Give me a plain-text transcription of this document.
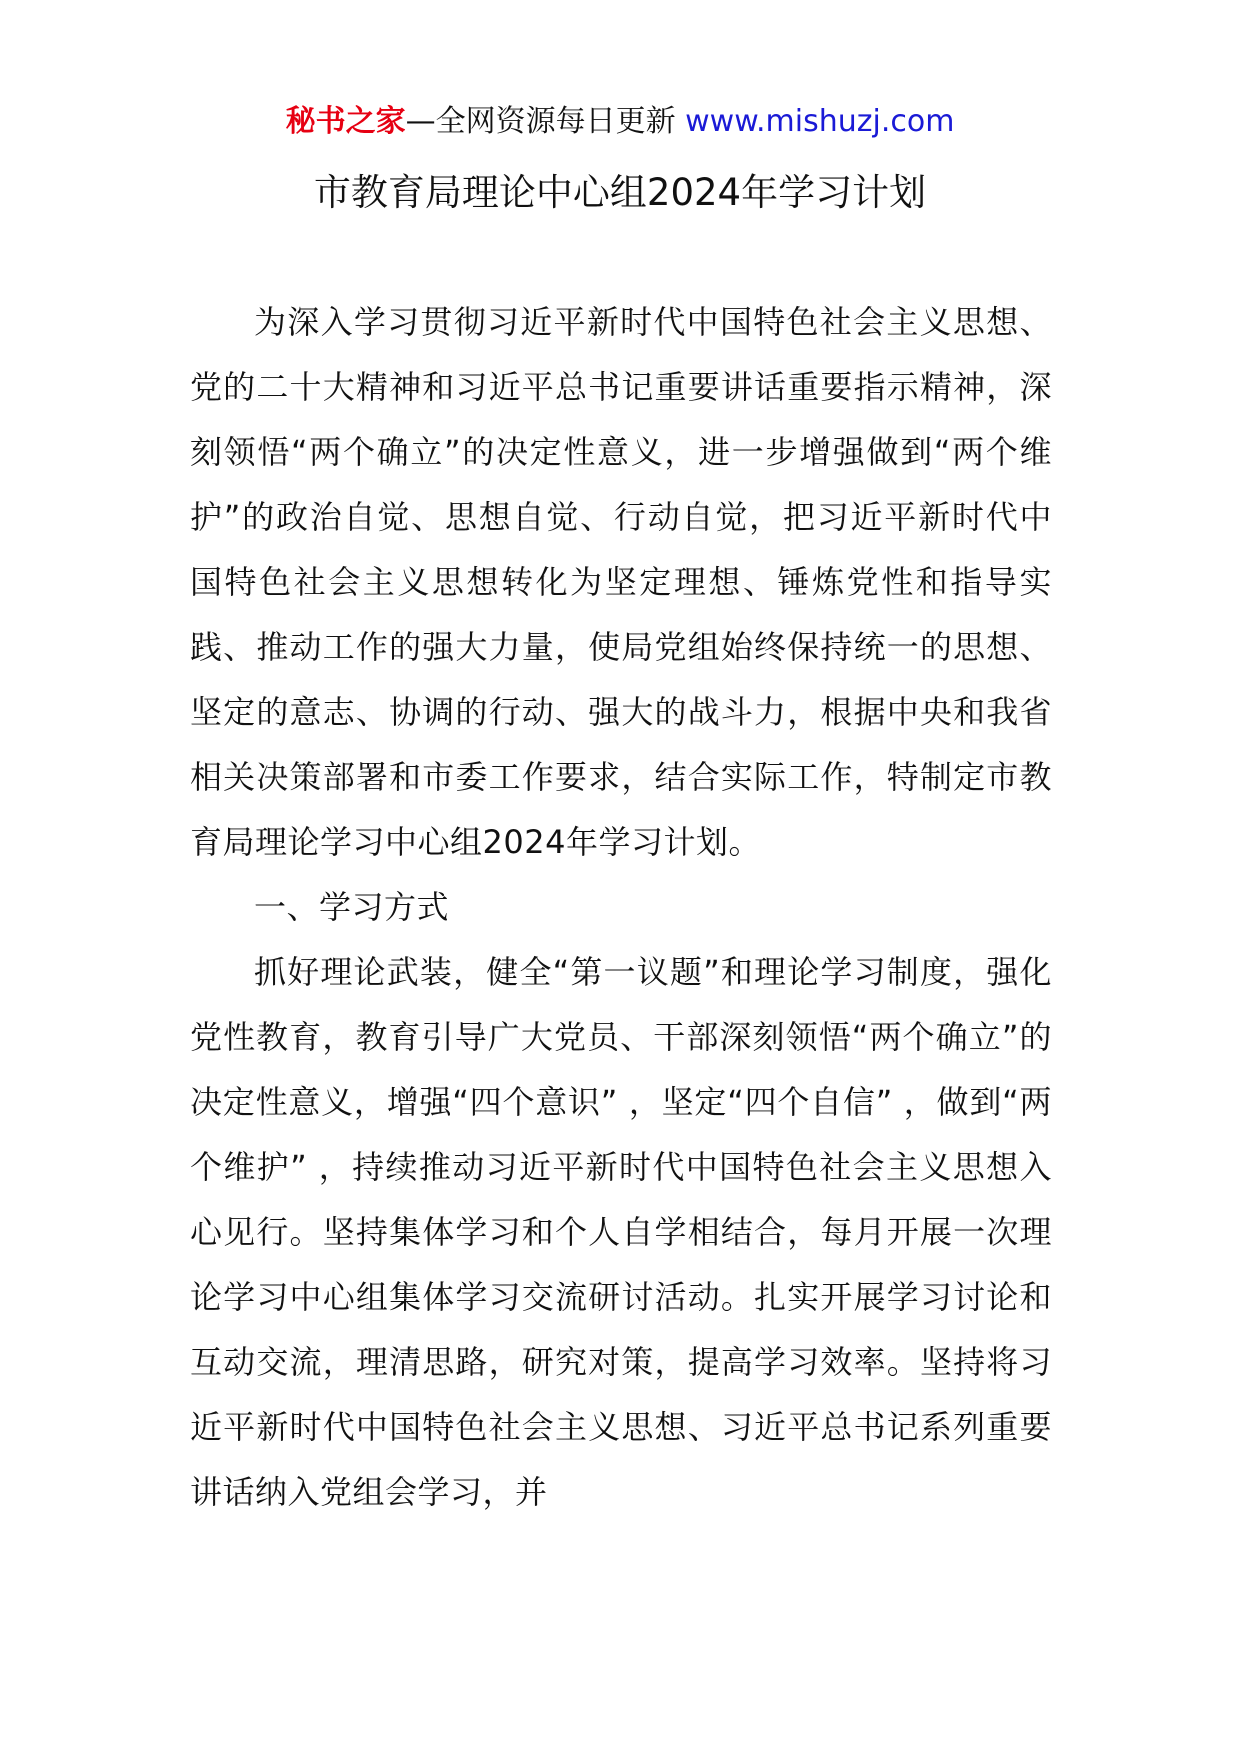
秘书之家—全网资源每日更新 www.mishuzj.com
市教育局理论中心组2024年学习计划

为深入学习贯彻习近平新时代中国特色社会主义思想、党的二十大精神和习近平总书记重要讲话重要指示精神，深刻领悟“两个确立”的决定性意义，进一步增强做到“两个维护”的政治自觉、思想自觉、行动自觉，把习近平新时代中国特色社会主义思想转化为坚定理想、锤炼党性和指导实践、推动工作的强大力量，使局党组始终保持统一的思想、坚定的意志、协调的行动、强大的战斗力，根据中央和我省相关决策部署和市委工作要求，结合实际工作，特制定市教育局理论学习中心组2024年学习计划。

一、学习方式

抓好理论武装，健全“第一议题”和理论学习制度，强化党性教育，教育引导广大党员、干部深刻领悟“两个确立”的决定性意义，增强“四个意识” ，坚定“四个自信” ，做到“两个维护” ，持续推动习近平新时代中国特色社会主义思想入心见行。坚持集体学习和个人自学相结合，每月开展一次理论学习中心组集体学习交流研讨活动。扎实开展学习讨论和互动交流，理清思路，研究对策，提高学习效率。坚持将习近平新时代中国特色社会主义思想、习近平总书记系列重要讲话纳入党组会学习，并
